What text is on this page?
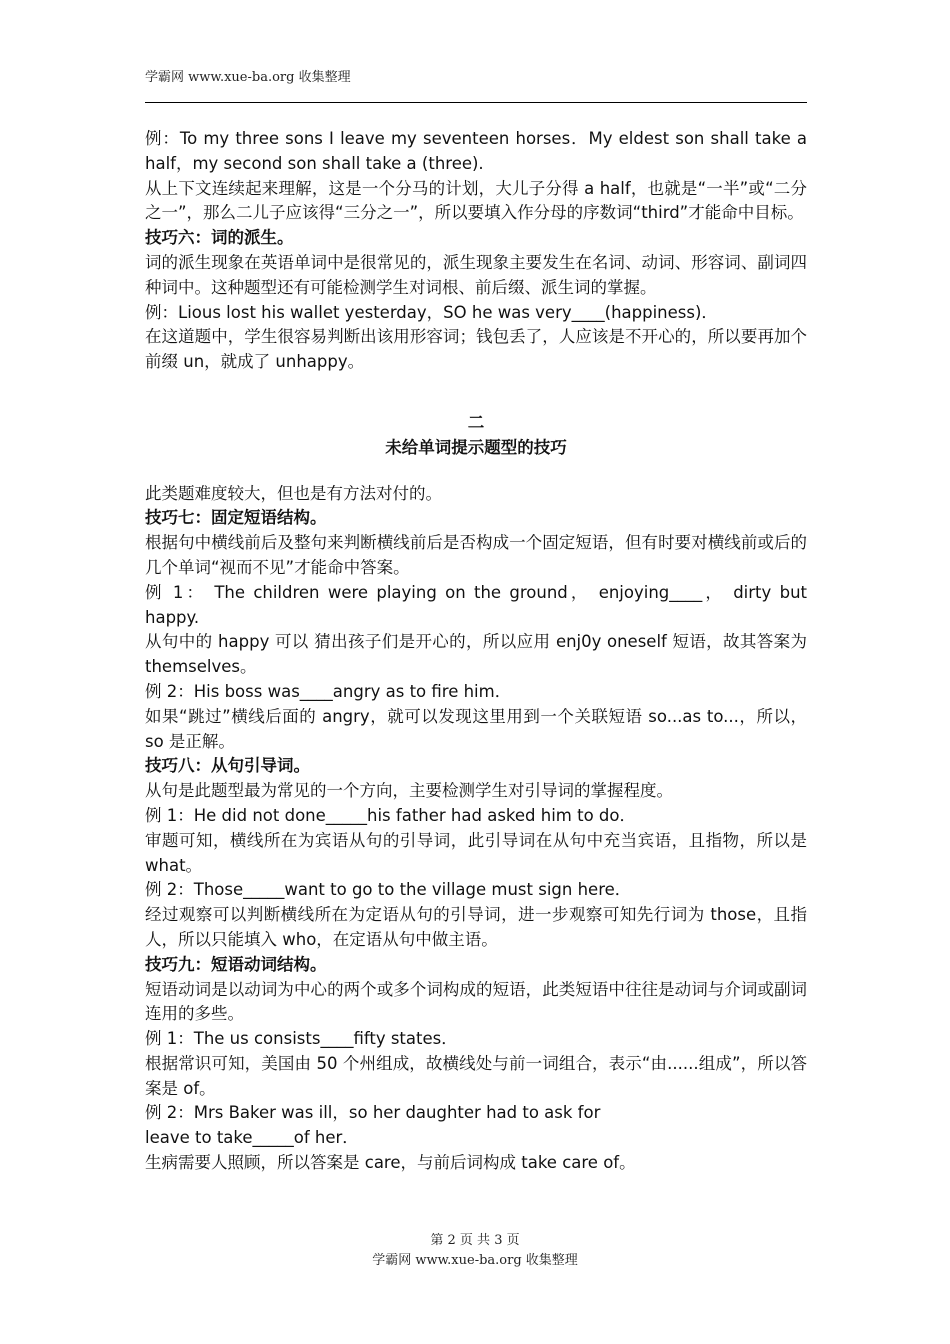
学霸网 www.xue-ba.org 收集整理

例：To my three sons I leave my seventeen horses．My eldest son shall take a half，my second son shall take a (three).

从上下文连续起来理解，这是一个分马的计划，大儿子分得 a half，也就是“一半”或“二分之一”，那么二儿子应该得“三分之一”，所以要填入作分母的序数词“third”才能命中目标。

技巧六：词的派生。

词的派生现象在英语单词中是很常见的，派生现象主要发生在名词、动词、形容词、副词四种词中。这种题型还有可能检测学生对词根、前后缀、派生词的掌握。

例：Lious lost his wallet yesterday，SO he was very____(happiness)．

在这道题中，学生很容易判断出该用形容词；钱包丢了，人应该是不开心的，所以要再加个前缀 un，就成了 unhappy。

二

未给单词提示题型的技巧

此类题难度较大，但也是有方法对付的。

技巧七：固定短语结构。

根据句中横线前后及整句来判断横线前后是否构成一个固定短语，但有时要对横线前或后的几个单词“视而不见”才能命中答案。

例 1： The children were playing on the ground， enjoying____， dirty but happy.

从句中的 happy 可以 猜出孩子们是开心的，所以应用 enj0y oneself 短语，故其答案为 themselves。

例 2：His boss was____angry as to fire him．

如果“跳过”横线后面的 angry，就可以发现这里用到一个关联短语 so...as to...，所以，so 是正解。

技巧八：从句引导词。

从句是此题型最为常见的一个方向，主要检测学生对引导词的掌握程度。

例 1：He did not done_____his father had asked him to do．

审题可知，横线所在为宾语从句的引导词，此引导词在从句中充当宾语，且指物，所以是 what。

例 2：Those_____want to go to the village must sign here．

经过观察可以判断横线所在为定语从句的引导词，进一步观察可知先行词为 those，且指人，所以只能填入 who，在定语从句中做主语。

技巧九：短语动词结构。

短语动词是以动词为中心的两个或多个词构成的短语，此类短语中往往是动词与介词或副词连用的多些。

例 1：The us consists____fifty states．

根据常识可知，美国由 50 个州组成，故横线处与前一词组合，表示“由......组成”，所以答案是 of。

例 2：Mrs Baker was ill，so her daughter had to ask for

leave to take_____of her．

生病需要人照顾，所以答案是 care，与前后词构成 take care of。

第 2 页 共 3 页
学霸网 www.xue-ba.org 收集整理
